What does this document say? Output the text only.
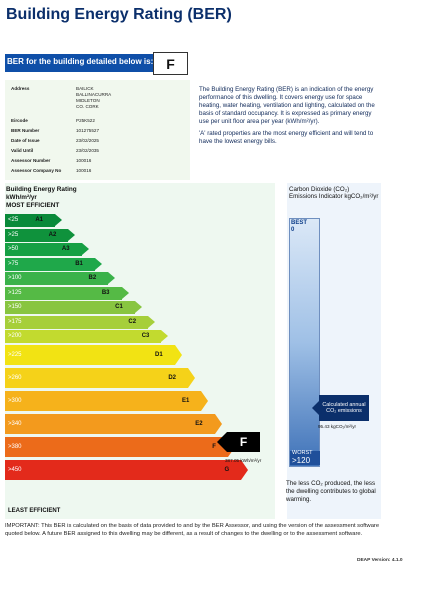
Building Energy Rating (BER)
BER for the building detailed below is: F
Address	BAILICK
BALLINACURRA
MIDLETON
CO. CORK
Eircode	P25K522
BER Number	101275527
Date of Issue	23/02/2025
Valid Until	23/02/2035
Assessor Number	100016
Assessor Company No	100016

The Building Energy Rating (BER) is an indication of the energy performance of this dwelling. It covers energy use for space heating, water heating, ventilation and lighting, calculated on the basis of standard occupancy. It is expressed as primary energy use per unit floor area per year (kWh/m²/yr).

'A' rated properties are the most energy efficient and will tend to have the lowest energy bills.

Building Energy Rating
kWh/m²/yr
MOST EFFICIENT
<25	A1
>25	A2
>50	A3
>75	B1
>100	B2
>125	B3
>150	C1
>175	C2
>200	C3
>225	D1
>260	D2
>300	E1
>340	E2
>380	F
>450	G
F
387.05 kWh/m²/yr
LEAST EFFICIENT
Carbon Dioxide (CO₂) Emissions Indicator kgCO₂/m²/yr
BEST
0
WORST
>120
Calculated annual CO₂ emissions
95.43 kgCO₂/m²/yr
The less CO₂ produced, the less the dwelling contributes to global warming.
IMPORTANT: This BER is calculated on the basis of data provided to and by the BER Assessor, and using the version of the assessment software quoted below. A future BER assigned to this dwelling may be different, as a result of changes to the dwelling or to the assessment software.
DEAP Version: 4.1.0
